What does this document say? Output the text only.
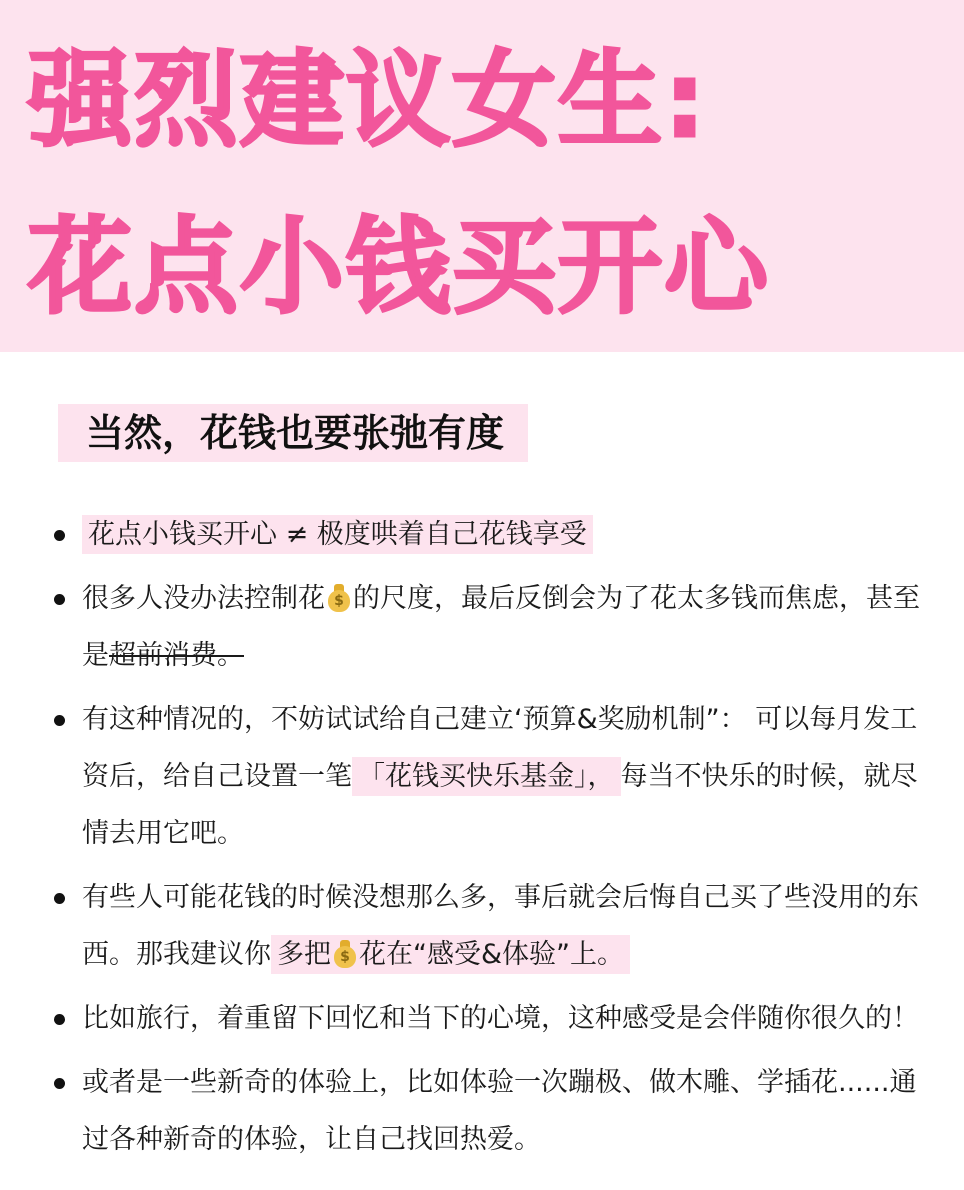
强烈建议女生:
花点小钱买开心
当然，花钱也要张弛有度
花点小钱买开心 ≠ 极度哄着自己花钱享受
很多人没办法控制花 $ 的尺度，最后反倒会为了花太多钱而焦虑，甚至是超前消费。
有这种情况的，不妨试试给自己建立‘预算&奖励机制”： 可以每月发工资后，给自己设置一笔 「花钱买快乐基金」， 每当不快乐的时候，就尽情去用它吧。
有些人可能花钱的时候没想那么多，事后就会后悔自己买了些没用的东西。那我建议你 多把 $ 花在“感受&体验”上。
比如旅行，着重留下回忆和当下的心境，这种感受是会伴随你很久的！
或者是一些新奇的体验上，比如体验一次蹦极、做木雕、学插花......通过各种新奇的体验，让自己找回热爱。
